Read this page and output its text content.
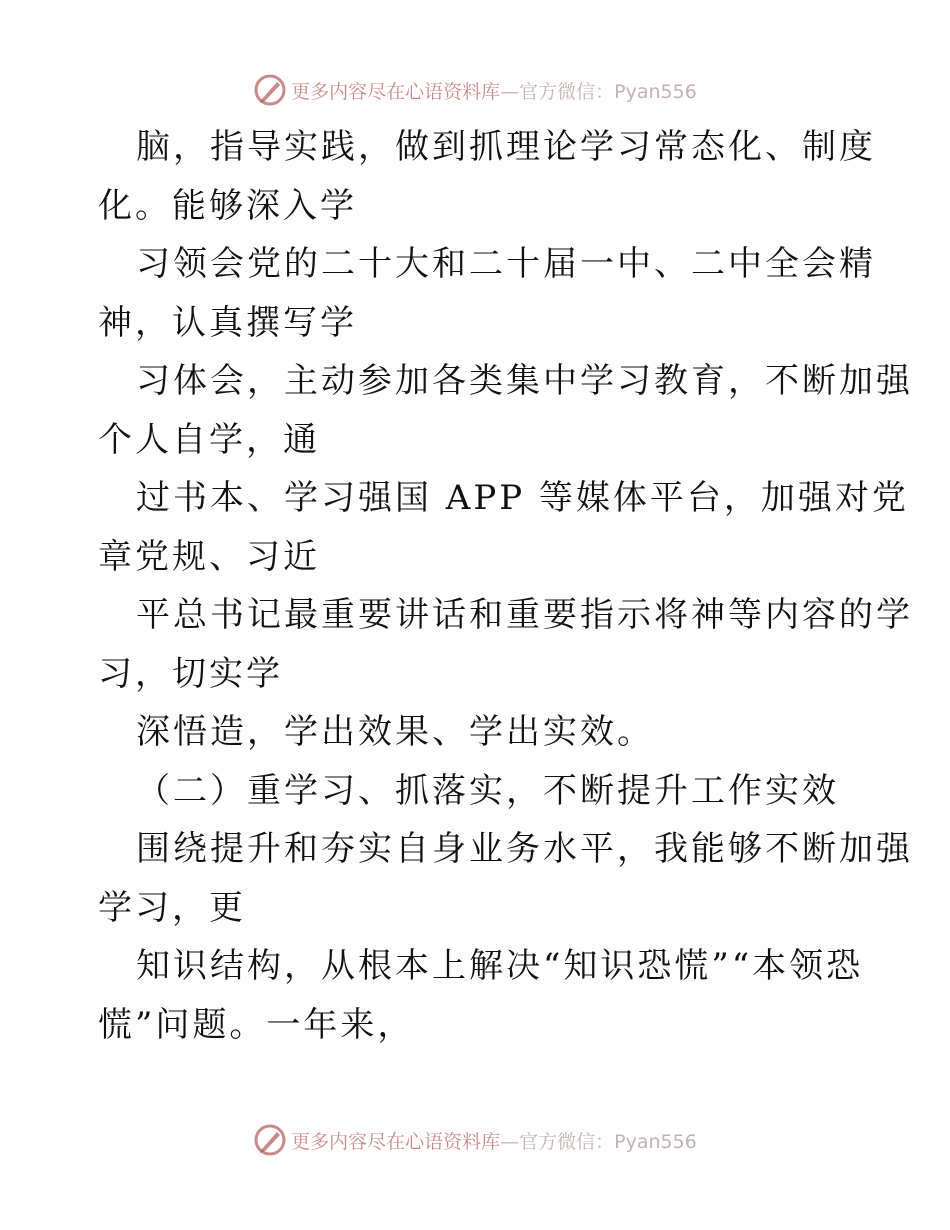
更多内容尽在心语资料库—官方微信：Pyan556
脑，指导实践，做到抓理论学习常态化、制度
化。能够深入学
习领会党的二十大和二十届一中、二中全会精
神，认真撰写学
习体会，主动参加各类集中学习教育，不断加强
个人自学，通
过书本、学习强国 APP 等媒体平台，加强对党
章党规、习近
平总书记最重要讲话和重要指示将神等内容的学
习，切实学
深悟造，学出效果、学出实效。
（二）重学习、抓落实，不断提升工作实效
围绕提升和夯实自身业务水平，我能够不断加强
学习，更
知识结构，从根本上解决“知识恐慌”“本领恐
慌”问题。一年来，
更多内容尽在心语资料库—官方微信：Pyan556
